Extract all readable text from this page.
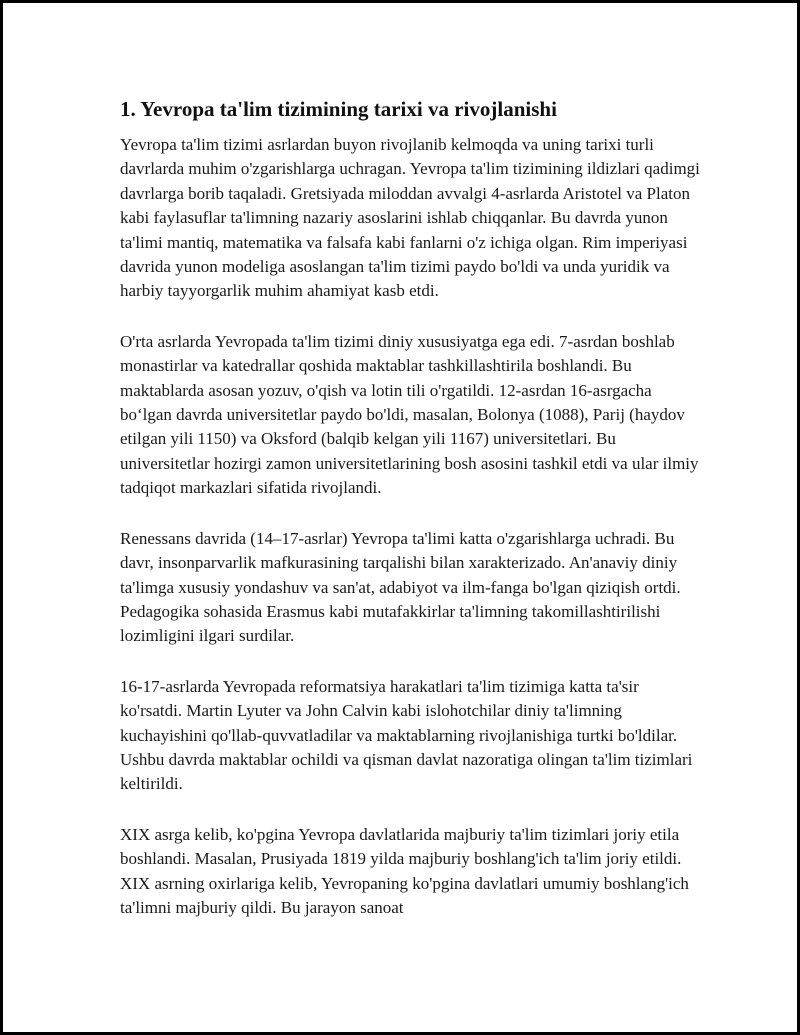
1. Yevropa ta'lim tizimining tarixi va rivojlanishi

Yevropa ta'lim tizimi asrlardan buyon rivojlanib kelmoqda va uning tarixi turli davrlarda muhim o'zgarishlarga uchragan. Yevropa ta'lim tizimining ildizlari qadimgi davrlarga borib taqaladi. Gretsiyada miloddan avvalgi 4-asrlarda Aristotel va Platon kabi faylasuflar ta'limning nazariy asoslarini ishlab chiqqanlar. Bu davrda yunon ta'limi mantiq, matematika va falsafa kabi fanlarni o'z ichiga olgan. Rim imperiyasi davrida yunon modeliga asoslangan ta'lim tizimi paydo bo'ldi va unda yuridik va harbiy tayyorgarlik muhim ahamiyat kasb etdi.

O'rta asrlarda Yevropada ta'lim tizimi diniy xususiyatga ega edi. 7-asrdan boshlab monastirlar va katedrallar qoshida maktablar tashkillashtirila boshlandi. Bu maktablarda asosan yozuv, o'qish va lotin tili o'rgatildi. 12-asrdan 16-asrgacha bo‘lgan davrda universitetlar paydo bo'ldi, masalan, Bolonya (1088), Parij (haydov etilgan yili 1150) va Oksford (balqib kelgan yili 1167) universitetlari. Bu universitetlar hozirgi zamon universitetlarining bosh asosini tashkil etdi va ular ilmiy tadqiqot markazlari sifatida rivojlandi.

Renessans davrida (14–17-asrlar) Yevropa ta'limi katta o'zgarishlarga uchradi. Bu davr, insonparvarlik mafkurasining tarqalishi bilan xarakterizado. An'anaviy diniy ta'limga xususiy yondashuv va san'at, adabiyot va ilm-fanga bo'lgan qiziqish ortdi. Pedagogika sohasida Erasmus kabi mutafakkirlar ta'limning takomillashtirilishi lozimligini ilgari surdilar.

16-17-asrlarda Yevropada reformatsiya harakatlari ta'lim tizimiga katta ta'sir ko'rsatdi. Martin Lyuter va John Calvin kabi islohotchilar diniy ta'limning kuchayishini qo'llab-quvvatladilar va maktablarning rivojlanishiga turtki bo'ldilar. Ushbu davrda maktablar ochildi va qisman davlat nazoratiga olingan ta'lim tizimlari keltirildi.

XIX asrga kelib, ko'pgina Yevropa davlatlarida majburiy ta'lim tizimlari joriy etila boshlandi. Masalan, Prusiyada 1819 yilda majburiy boshlang'ich ta'lim joriy etildi. XIX asrning oxirlariga kelib, Yevropaning ko'pgina davlatlari umumiy boshlang'ich ta'limni majburiy qildi. Bu jarayon sanoat
